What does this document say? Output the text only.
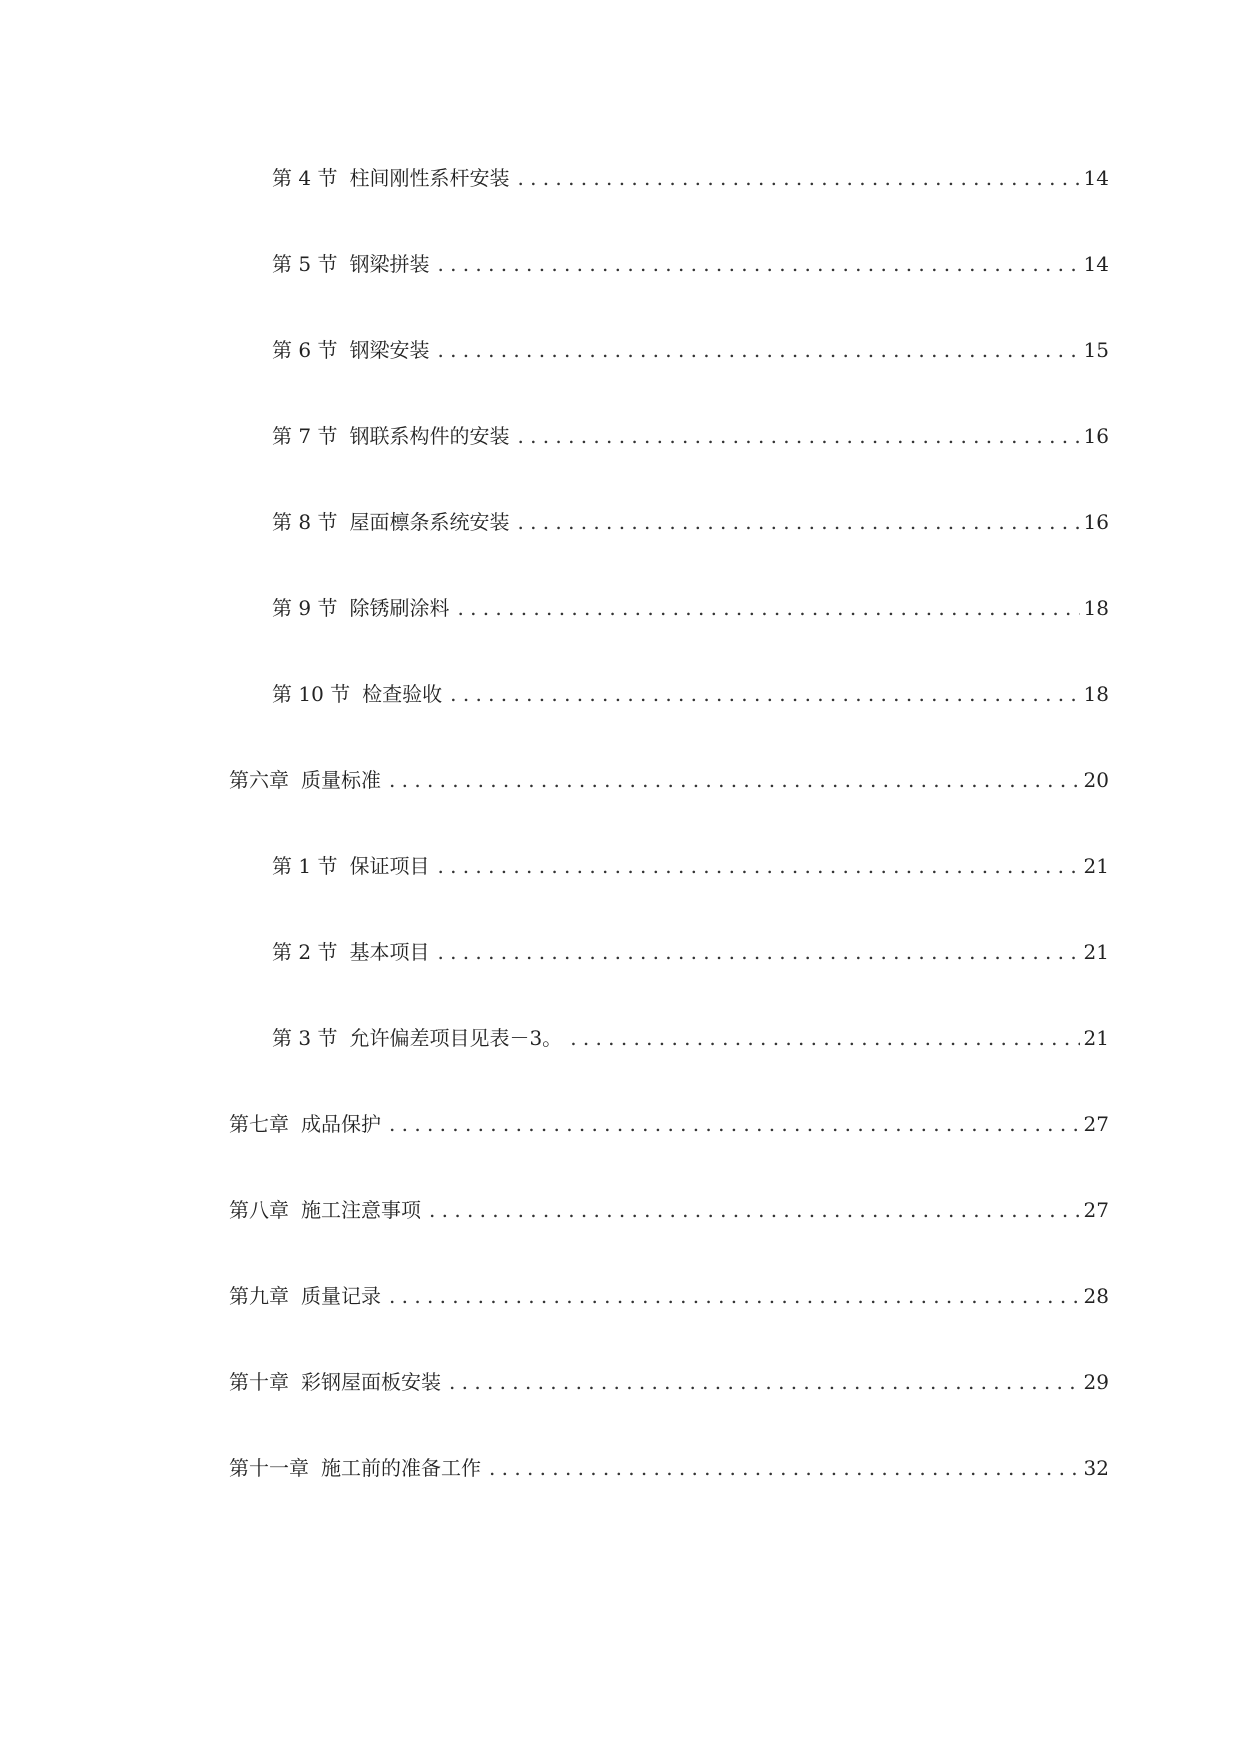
第 4 节 柱间刚性系杆安装 .....	14
第 5 节 钢梁拼装 .....	14
第 6 节 钢梁安装 .....	15
第 7 节 钢联系构件的安装 .....	16
第 8 节 屋面檩条系统安装 .....	16
第 9 节 除锈刷涂料 .....	18
第 10 节 检查验收 .....	18
第六章 质量标准 .....	20
第 1 节 保证项目 .....	21
第 2 节 基本项目 .....	21
第 3 节 允许偏差项目见表－3。 .....	21
第七章 成品保护 .....	27
第八章 施工注意事项 .....	27
第九章 质量记录 .....	28
第十章 彩钢屋面板安装 .....	29
第十一章 施工前的准备工作 .....	32
